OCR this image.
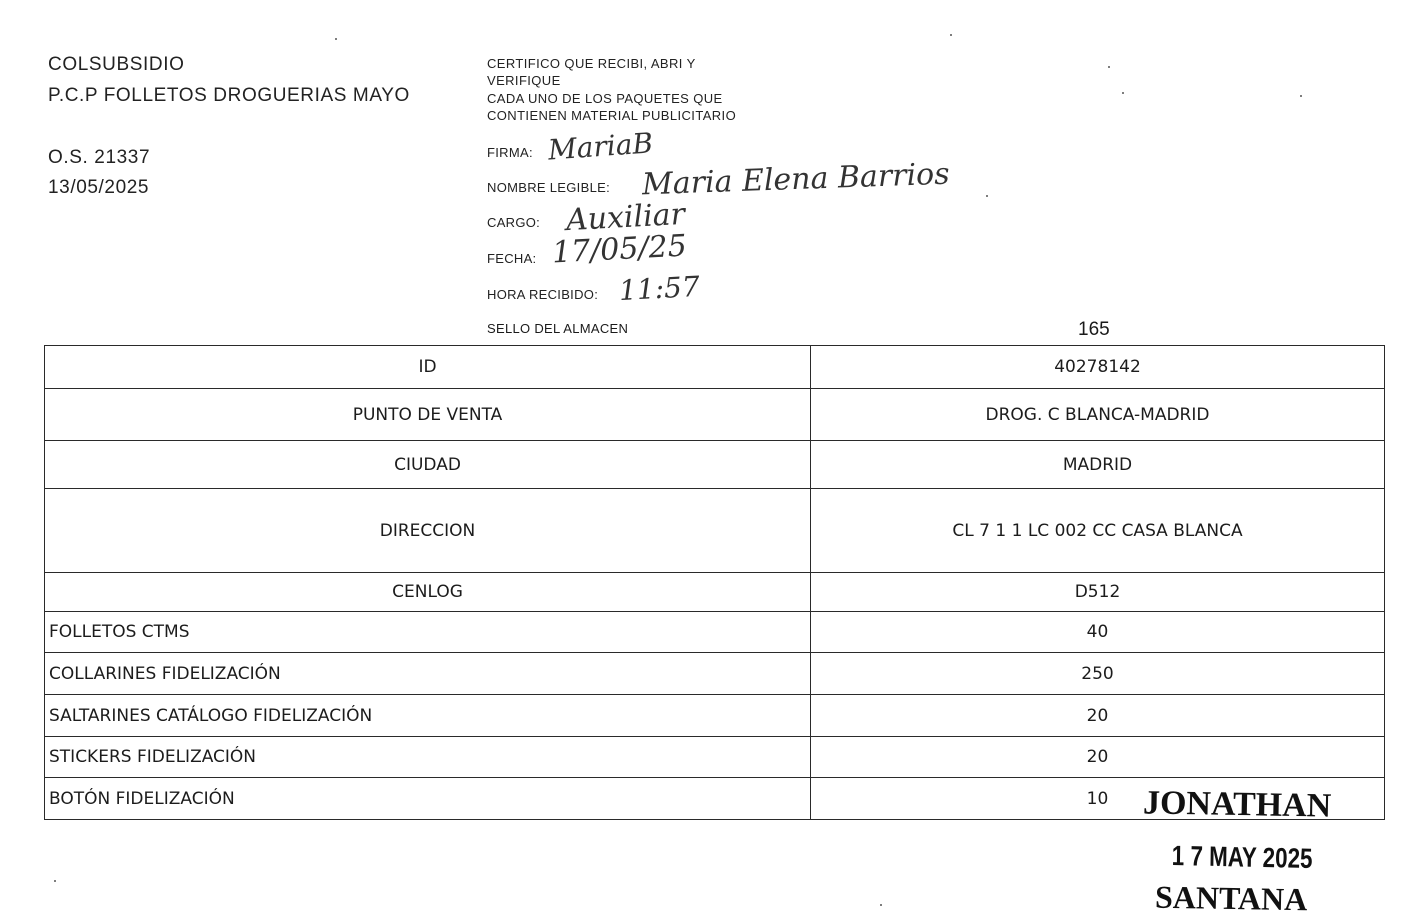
COLSUBSIDIO
P.C.P FOLLETOS DROGUERIAS MAYO
O.S. 21337
13/05/2025
CERTIFICO QUE RECIBI, ABRI Y
VERIFIQUE
CADA UNO DE LOS PAQUETES QUE
CONTIENEN MATERIAL PUBLICITARIO
FIRMA: MariaB
NOMBRE LEGIBLE: Maria Elena Barrios
CARGO: Auxiliar
FECHA: 17/05/25
HORA RECIBIDO: 11:57
SELLO DEL ALMACEN	165
ID	40278142
PUNTO DE VENTA	DROG. C BLANCA-MADRID
CIUDAD	MADRID
DIRECCION	CL 7 1 1 LC 002 CC CASA BLANCA
CENLOG	D512
FOLLETOS CTMS	40
COLLARINES FIDELIZACIÓN	250
SALTARINES CATÁLOGO FIDELIZACIÓN	20
STICKERS FIDELIZACIÓN	20
BOTÓN FIDELIZACIÓN	10 JONATHAN
1 7 MAY 2025
SANTANA
